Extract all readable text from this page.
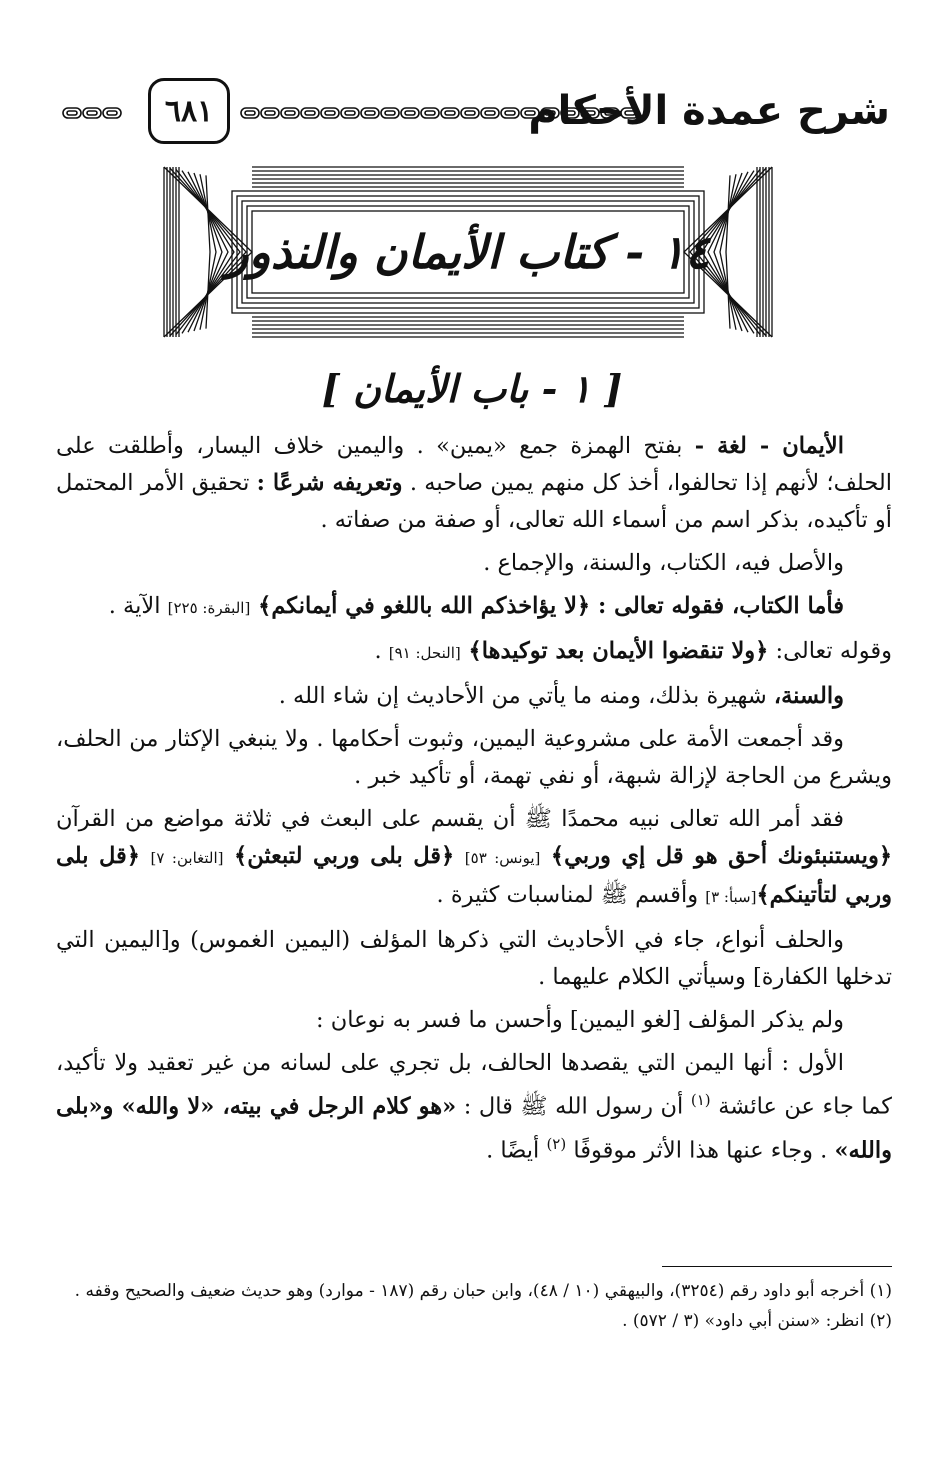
شرح عمدة الأحكام
٦٨١
١٤ - كتاب الأيمان والنذور
[ ١ - باب الأيمان ]

الأيمان - لغة - بفتح الهمزة جمع «يمين» . واليمين خلاف اليسار، وأطلقت على الحلف؛ لأنهم إذا تحالفوا، أخذ كل منهم يمين صاحبه . وتعريفه شرعًا : تحقيق الأمر المحتمل أو تأكيده، بذكر اسم من أسماء الله تعالى، أو صفة من صفاته .

والأصل فيه، الكتاب، والسنة، والإجماع .

فأما الكتاب، فقوله تعالى : ﴿لا يؤاخذكم الله باللغو في أيمانكم﴾ [البقرة: ٢٢٥] الآية .

وقوله تعالى: ﴿ولا تنقضوا الأيمان بعد توكيدها﴾ [النحل: ٩١] .

والسنة، شهيرة بذلك، ومنه ما يأتي من الأحاديث إن شاء الله .

وقد أجمعت الأمة على مشروعية اليمين، وثبوت أحكامها . ولا ينبغي الإكثار من الحلف، ويشرع من الحاجة لإزالة شبهة، أو نفي تهمة، أو تأكيد خبر .

فقد أمر الله تعالى نبيه محمدًا ﷺ أن يقسم على البعث في ثلاثة مواضع من القرآن ﴿ويستنبئونك أحق هو قل إي وربي﴾ [يونس: ٥٣] ﴿قل بلى وربي لتبعثن﴾ [التغابن: ٧] ﴿قل بلى وربي لتأتينكم﴾[سبأ: ٣] وأقسم ﷺ لمناسبات كثيرة .

والحلف أنواع، جاء في الأحاديث التي ذكرها المؤلف (اليمين الغموس) و[اليمين التي تدخلها الكفارة] وسيأتي الكلام عليهما .

ولم يذكر المؤلف [لغو اليمين] وأحسن ما فسر به نوعان :

الأول : أنها اليمن التي يقصدها الحالف، بل تجري على لسانه من غير تعقيد ولا تأكيد، كما جاء عن عائشة $^{(١)}$ أن رسول الله ﷺ قال : «هو كلام الرجل في بيته، «لا والله» و«بلى والله» . وجاء عنها هذا الأثر موقوفًا $^{(٢)}$ أيضًا .

(١) أخرجه أبو داود رقم (٣٢٥٤)، والبيهقي (١٠ / ٤٨)، وابن حبان رقم (١٨٧ - موارد) وهو حديث ضعيف والصحيح وقفه .

(٢) انظر: «سنن أبي داود» (٣ / ٥٧٢) .
